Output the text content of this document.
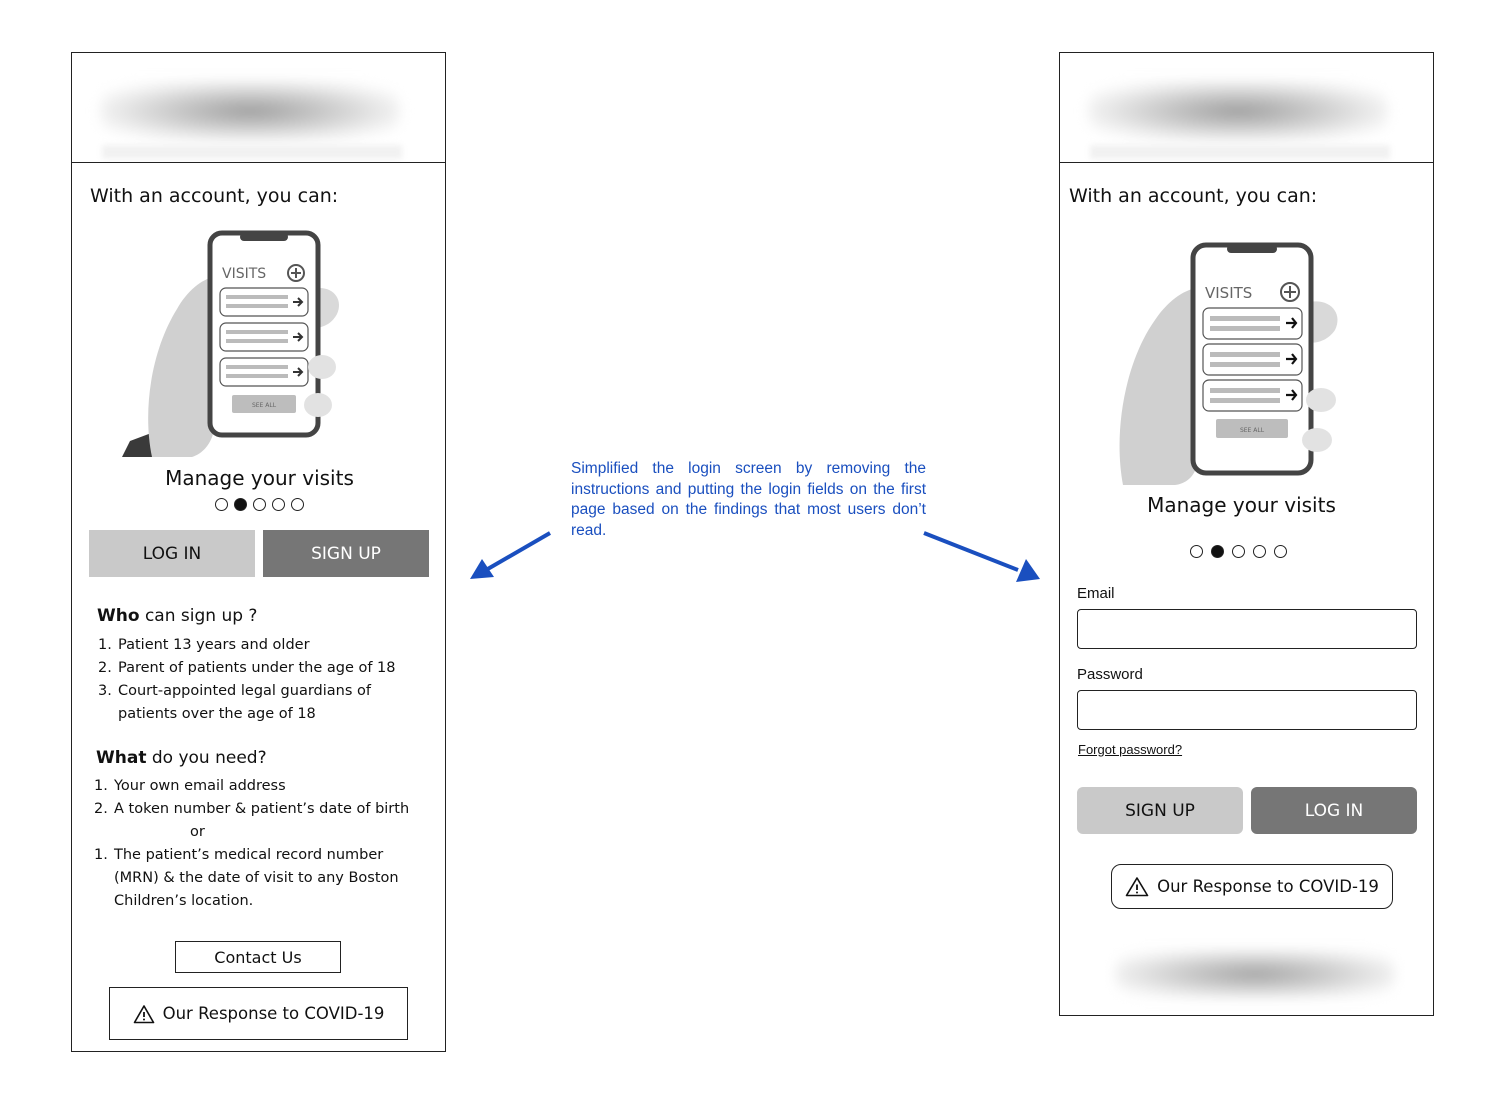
With an account, you can:
VISITS
SEE ALL
Manage your visits
LOG IN	SIGN UP
Who can sign up ?
1. Patient 13 years and older
2. Parent of patients under the age of 18
3. Court-appointed legal guardians of patients over the age of 18
What do you need?
1. Your own email address
2. A token number & patient’s date of birth
or
1. The patient’s medical record number (MRN) & the date of visit to any Boston Children’s location.
Contact Us
Our Response to COVID-19
Simplified the login screen by removing the instructions and putting the login fields on the first page based on the findings that most users don’t read.
With an account, you can:
VISITS
SEE ALL
Manage your visits
Email
Password
Forgot password?
SIGN UP	LOG IN
Our Response to COVID-19
